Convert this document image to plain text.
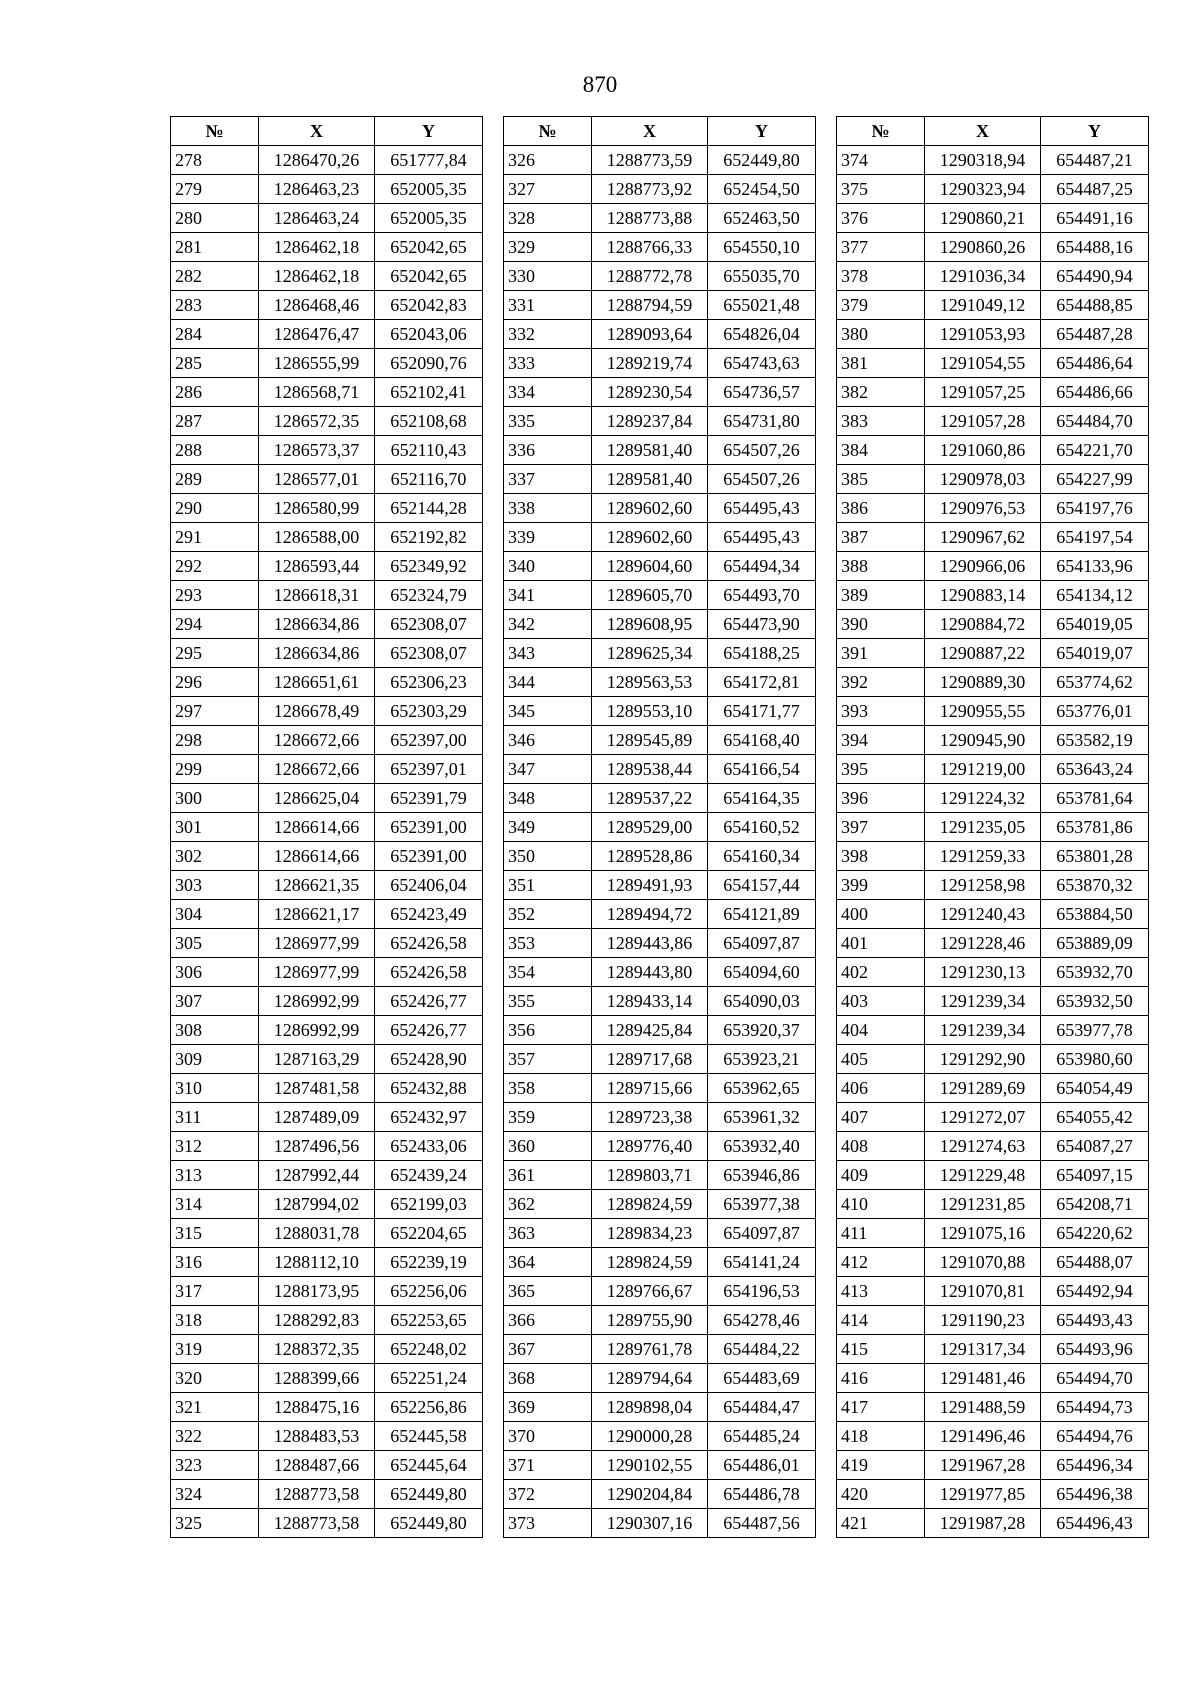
870
№	X	Y
278	1286470,26	651777,84
279	1286463,23	652005,35
280	1286463,24	652005,35
281	1286462,18	652042,65
282	1286462,18	652042,65
283	1286468,46	652042,83
284	1286476,47	652043,06
285	1286555,99	652090,76
286	1286568,71	652102,41
287	1286572,35	652108,68
288	1286573,37	652110,43
289	1286577,01	652116,70
290	1286580,99	652144,28
291	1286588,00	652192,82
292	1286593,44	652349,92
293	1286618,31	652324,79
294	1286634,86	652308,07
295	1286634,86	652308,07
296	1286651,61	652306,23
297	1286678,49	652303,29
298	1286672,66	652397,00
299	1286672,66	652397,01
300	1286625,04	652391,79
301	1286614,66	652391,00
302	1286614,66	652391,00
303	1286621,35	652406,04
304	1286621,17	652423,49
305	1286977,99	652426,58
306	1286977,99	652426,58
307	1286992,99	652426,77
308	1286992,99	652426,77
309	1287163,29	652428,90
310	1287481,58	652432,88
311	1287489,09	652432,97
312	1287496,56	652433,06
313	1287992,44	652439,24
314	1287994,02	652199,03
315	1288031,78	652204,65
316	1288112,10	652239,19
317	1288173,95	652256,06
318	1288292,83	652253,65
319	1288372,35	652248,02
320	1288399,66	652251,24
321	1288475,16	652256,86
322	1288483,53	652445,58
323	1288487,66	652445,64
324	1288773,58	652449,80
325	1288773,58	652449,80
№	X	Y
326	1288773,59	652449,80
327	1288773,92	652454,50
328	1288773,88	652463,50
329	1288766,33	654550,10
330	1288772,78	655035,70
331	1288794,59	655021,48
332	1289093,64	654826,04
333	1289219,74	654743,63
334	1289230,54	654736,57
335	1289237,84	654731,80
336	1289581,40	654507,26
337	1289581,40	654507,26
338	1289602,60	654495,43
339	1289602,60	654495,43
340	1289604,60	654494,34
341	1289605,70	654493,70
342	1289608,95	654473,90
343	1289625,34	654188,25
344	1289563,53	654172,81
345	1289553,10	654171,77
346	1289545,89	654168,40
347	1289538,44	654166,54
348	1289537,22	654164,35
349	1289529,00	654160,52
350	1289528,86	654160,34
351	1289491,93	654157,44
352	1289494,72	654121,89
353	1289443,86	654097,87
354	1289443,80	654094,60
355	1289433,14	654090,03
356	1289425,84	653920,37
357	1289717,68	653923,21
358	1289715,66	653962,65
359	1289723,38	653961,32
360	1289776,40	653932,40
361	1289803,71	653946,86
362	1289824,59	653977,38
363	1289834,23	654097,87
364	1289824,59	654141,24
365	1289766,67	654196,53
366	1289755,90	654278,46
367	1289761,78	654484,22
368	1289794,64	654483,69
369	1289898,04	654484,47
370	1290000,28	654485,24
371	1290102,55	654486,01
372	1290204,84	654486,78
373	1290307,16	654487,56
№	X	Y
374	1290318,94	654487,21
375	1290323,94	654487,25
376	1290860,21	654491,16
377	1290860,26	654488,16
378	1291036,34	654490,94
379	1291049,12	654488,85
380	1291053,93	654487,28
381	1291054,55	654486,64
382	1291057,25	654486,66
383	1291057,28	654484,70
384	1291060,86	654221,70
385	1290978,03	654227,99
386	1290976,53	654197,76
387	1290967,62	654197,54
388	1290966,06	654133,96
389	1290883,14	654134,12
390	1290884,72	654019,05
391	1290887,22	654019,07
392	1290889,30	653774,62
393	1290955,55	653776,01
394	1290945,90	653582,19
395	1291219,00	653643,24
396	1291224,32	653781,64
397	1291235,05	653781,86
398	1291259,33	653801,28
399	1291258,98	653870,32
400	1291240,43	653884,50
401	1291228,46	653889,09
402	1291230,13	653932,70
403	1291239,34	653932,50
404	1291239,34	653977,78
405	1291292,90	653980,60
406	1291289,69	654054,49
407	1291272,07	654055,42
408	1291274,63	654087,27
409	1291229,48	654097,15
410	1291231,85	654208,71
411	1291075,16	654220,62
412	1291070,88	654488,07
413	1291070,81	654492,94
414	1291190,23	654493,43
415	1291317,34	654493,96
416	1291481,46	654494,70
417	1291488,59	654494,73
418	1291496,46	654494,76
419	1291967,28	654496,34
420	1291977,85	654496,38
421	1291987,28	654496,43
